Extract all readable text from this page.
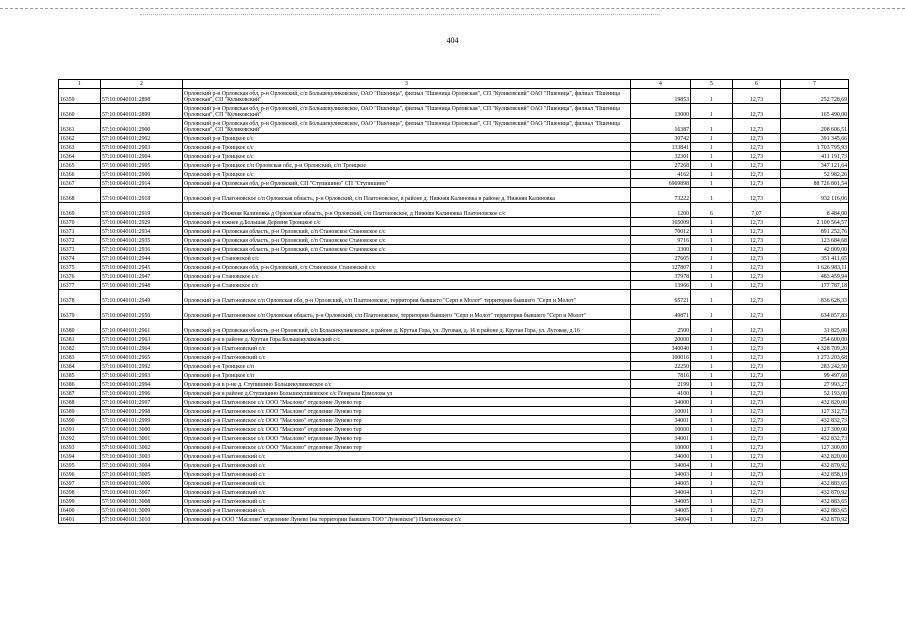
404
1	2	3	4	5	6	7
16359	57:10:0040101:2898	Орловский р-н Орловская обл, р-н Орловский, с/п Большекуликовское, ОАО "Пшеница", филиал "Пшеница Орловская", СП "Куликовский" ОАО "Пшеница", филиал "Пшеница Орловская", СП "Куликовский"	19853	1	12,73	252 728,69
16360	57:10:0040101:2899	Орловский р-н Орловская обл, р-н Орловский, с/п Большекуликовское, ОАО "Пшеница", филиал "Пшеница Орловская", СП "Куликовский" ОАО "Пшеница", филиал "Пшеница Орловская", СП "Куликовский"	13000	1	12,73	165 490,00
16361	57:10:0040101:2900	Орловский р-н Орловская обл, р-н Орловский, с/п Большекуликовское, ОАО "Пшеница", филиал "Пшеница Орловская", СП "Куликовский" ОАО "Пшеница", филиал "Пшеница Орловская", СП "Куликовский"	16387	1	12,73	208 606,51
16362	57:10:0040101:2902	Орловский р-н Троицкое с/с	30742	1	12,73	391 345,66
16363	57:10:0040101:2903	Орловский р-н Троицкое с/с	133841	1	12,73	1 703 795,93
16364	57:10:0040101:2904	Орловский р-н Троицкое с/с	32301	1	12,73	411 191,73
16365	57:10:0040101:2905	Орловский р-н Троицкое с/п Орловская обл, р-н Орловский, с/п Троицкое	27268	1	12,73	347 121,64
16366	57:10:0040101:2906	Орловский р-н Троицкое с/с	4162	1	12,73	52 982,26
16367	57:10:0040101:2914	Орловский р-н Орловская обл, р-н Орловский, СП "Ступишино" СП "Ступишино"	6969898	1	12,73	88 726 801,54
16368	57:10:0040101:2918	Орловский р-н Платоновское с/п Орловская область, р-н Орловский, с/п Платоновское, в районе д. Нижняя Калиновка в районе д. Нижняя Калиновка	73222	1	12,73	932 116,06
16369	57:10:0040101:2919	Орловский р-н Нижняя Калиновка д Орловская область, р-н Орловский, с/п Платоновское, д Нижняя Калиновка Платоновское с/с	1200	6	7,07	8 484,00
16370	57:10:0040101:2929	Орловский р-н южнее д.Большая Деревня Троицкое с/с	165009	1	12,73	2 100 564,57
16371	57:10:0040101:2934	Орловский р-н Орловская область, р-н Орловский, с/п Становское Становское с/с	70012	1	12,73	891 252,76
16372	57:10:0040101:2935	Орловский р-н Орловская область, р-н Орловский, с/п Становское Становское с/с	9716	1	12,73	123 684,68
16373	57:10:0040101:2936	Орловский р-н Орловская область, р-н Орловский, с/п Становское Становское с/с	3300	1	12,73	42 009,00
16374	57:10:0040101:2944	Орловский р-н Становской с/с	27605	1	12,73	351 411,65
16375	57:10:0040101:2945	Орловский р-н Орловская обл, р-н Орловский, с/п Становское Становской с/с	127807	1	12,73	1 626 983,11
16376	57:10:0040101:2947	Орловский р-н Становское с/с	37978	1	12,73	483 459,94
16377	57:10:0040101:2948	Орловский р-н Становское с/с	13966	1	12,73	177 787,18
16378	57:10:0040101:2949	Орловский р-н Платоновское с/п Орловская обл, р-н Орловский, с/п Платоновское, территория бывшего "Серп и Молот" территория бывшего "Серп и Молот"	65721	1	12,73	836 628,33
16379	57:10:0040101:2950	Орловский р-н Платоновское с/п Орловская область, р-н Орловский, с/п Платоновское, территория бывшего "Серп и Молот" территория бывшего "Серп и Молот"	49871	1	12,73	634 857,83
16380	57:10:0040101:2961	Орловский р-н Орловская область, р-н Орловский, с/п Большекуликовское, в районе д. Крутая Гора, ул. Луговая, д. 16 в районе д. Крутая Гора, ул. Луговая, д.16	2500	1	12,73	31 825,00
16381	57:10:0040101:2963	Орловский р-н в районе д. Крутая Гора Большекуликовский с/с	20000	1	12,73	254 600,00
16382	57:10:0040101:2964	Орловский р-н Платоновский с/с	340040	1	12,73	4 328 709,20
16383	57:10:0040101:2965	Орловский р-н Платоновский с/с	100016	1	12,73	1 273 203,68
16384	57:10:0040101:2992	Орловский р-н Троицкое с/п	22250	1	12,73	283 242,50
16385	57:10:0040101:2993	Орловский р-н Троицкое с/п	7816	1	12,73	99 497,68
16386	57:10:0040101:2994	Орловский р-н в р-не д. Ступишино Большекуликовское с/с	2199	1	12,73	27 993,27
16387	57:10:0040101:2996	Орловский р-н в районе д.Ступишино Большекуликовское с/с Генерала Ермолова ул	4100	1	12,73	52 193,00
16388	57:10:0040101:2997	Орловский р-н Платоновское с/с ООО "Маслово" отделение Лунево тер	34000	1	12,73	432 820,00
16389	57:10:0040101:2998	Орловский р-н Платоновское с/с ООО "Маслово" отделение Лунево тер	10001	1	12,73	127 312,73
16390	57:10:0040101:2999	Орловский р-н Платоновское с/с ООО "Маслово" отделение Лунево тер	34001	1	12,73	432 832,73
16391	57:10:0040101:3000	Орловский р-н Платоновское с/с ООО "Маслово" отделение Лунево тер	10000	1	12,73	127 300,00
16392	57:10:0040101:3001	Орловский р-н Платоновское с/с ООО "Маслово" отделение Лунево тер	34001	1	12,73	432 832,73
16393	57:10:0040101:3002	Орловский р-н Платоновское с/с ООО "Маслово" отделение Лунево тер	10000	1	12,73	127 300,00
16394	57:10:0040101:3003	Орловский р-н Платоновский с/с	34000	1	12,73	432 820,00
16395	57:10:0040101:3004	Орловский р-н Платоновский с/с	34004	1	12,73	432 870,92
16396	57:10:0040101:3005	Орловский р-н Платоновский с/с	34003	1	12,73	432 858,19
16397	57:10:0040101:3006	Орловский р-н Платоновский с/с	34005	1	12,73	432 883,65
16398	57:10:0040101:3007	Орловский р-н Платоновский с/с	34004	1	12,73	432 870,92
16399	57:10:0040101:3008	Орловский р-н Платоновский с/с	34005	1	12,73	432 883,65
16400	57:10:0040101:3009	Орловский р-н Платоновский с/с	34005	1	12,73	432 883,65
16401	57:10:0040101:3010	Орловский р-н ООО "Маслово" отделение Лунево (на территории бывшего ТОО "Луневское") Платоновское с/с	34004	1	12,73	432 870,92
